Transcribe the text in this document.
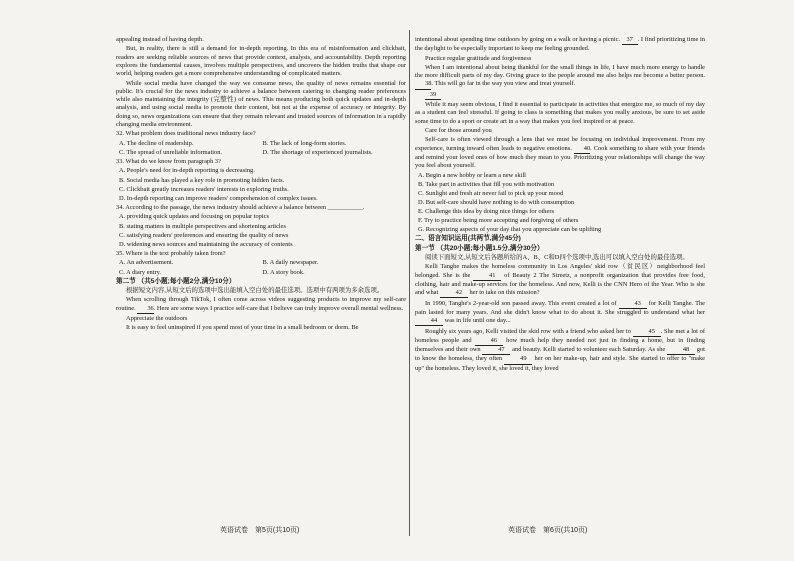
appealing instead of having depth.

But, in reality, there is still a demand for in-depth reporting. In this era of misinformation and clickbait, readers are seeking reliable sources of news that provide context, analysis, and accountability. Depth reporting explores the fundamental causes, involves multiple perspectives, and uncovers the hidden truths that shape our world, helping readers get a more comprehensive understanding of complicated matters.

While social media have changed the way we consume news, the quality of news remains essential for public. It's crucial for the news industry to achieve a balance between catering to changing reader preferences while also maintaining the integrity (完整性) of news. This means producing both quick updates and in-depth analysis, and using social media to promote their content, but not at the expense of accuracy or integrity. By doing so, news organizations can ensure that they remain relevant and trusted sources of information in a rapidly changing media environment.

32. What problem does traditional news industry face?
A. The decline of readership.	B. The lack of long-form stories.
C. The spread of unreliable information.	D. The shortage of experienced journalists.
33. What do we know from paragraph 3?
A. People's need for in-depth reporting is decreasing.
B. Social media has played a key role in promoting hidden facts.
C. Clickbait greatly increases readers' interests in exploring truths.
D. In-depth reporting can improve readers' comprehension of complex issues.
34. According to the passage, the news industry should achieve a balance between ___________.
A. providing quick updates and focusing on popular topics
B. stating matters in multiple perspectives and shortening articles
C. satisfying readers' preferences and ensuring the quality of news
D. widening news sources and maintaining the accuracy of contents
35. Where is the text probably taken from?
A. An advertisement.	B. A daily newspaper.
C. A diary entry.	D. A story book.
第二节 （共5小题;每小题2分,满分10分）

根据短文内容,从短文后的选项中选出能填入空白处的最佳选项。选项中有两项为多余选项。

When scrolling through TikTok, I often come across videos suggesting products to improve my self-care routine. 36. Here are some ways I practice self-care that I believe can truly improve overall mental wellness.

Appreciate the outdoors

It is easy to feel uninspired if you spend most of your time in a small bedroom or dorm. Be

intentional about spending time outdoors by going on a walk or having a picnic. 37 . I find prioritizing time in the daylight to be especially important to keep me feeling grounded.

Practice regular gratitude and forgiveness

When I am intentional about being thankful for the small things in life, I have much more energy to handle the more difficult parts of my day. Giving grace to the people around me also helps me become a better person. 38. This will go far in the way you view and treat yourself.

39

While it may seem obvious, I find it essential to participate in activities that energize me, so much of my day as a student can feel stressful. If going to class is something that makes you really anxious, be sure to set aside some time to do a sport or create art in a way that makes you feel inspired or at peace.

Care for those around you

Self-care is often viewed through a lens that we must be focusing on individual improvement. From my experience, turning inward often leads to negative emotions. 40. Cook something to share with your friends and remind your loved ones of how much they mean to you. Prioritizing your relationships will change the way you feel about yourself.

A. Begin a new hobby or learn a new skill
B. Take part in activities that fill you with motivation
C. Sunlight and fresh air never fail to pick up your mood
D. But self-care should have nothing to do with consumption
E. Challenge this idea by doing nice things for others
F. Try to practice being more accepting and forgiving of others
G. Recognizing aspects of your day that you appreciate can be uplifting
二、语言知识运用(共两节,满分45分)
第一节 （共20小题;每小题1.5分,满分30分）

阅读下面短文,从短文后各题所给的A、B、C和D四个选项中,选出可以填入空白处的最佳选项。

Kelli Tanghe makes the homeless community in Los Angeles' skid row（贫民区）neighborhood feel belonged. She is the	41 of Beauty 2 The Streetz, a nonprofit organization that provides free food, clothing, hair and make-up services for the homeless. And now, Kelli is the CNN Hero of the Year. Who is she and what	42 her to take on this mission?

In 1990, Tanghe's 2-year-old son passed away. This event created a lot of	43 for Kelli Tanghe. The pain lasted for many years. And she didn't know what to do about it. She struggled to understand what her 44 was in life until one day...

Roughly six years ago, Kelli visited the skid row with a friend who asked her to	45 . She met a lot of homeless people and	46 how much help they needed not just in finding a home, but in finding themselves and their own	47 and beauty. Kelli started to volunteer each Saturday. As she	48 got to know the homeless, they often	49 her on her make-up, hair and style. She started to offer to "make up" the homeless. They loved it, she loved it, they loved

英语试卷　第5页(共10页)	英语试卷　第6页(共10页)
